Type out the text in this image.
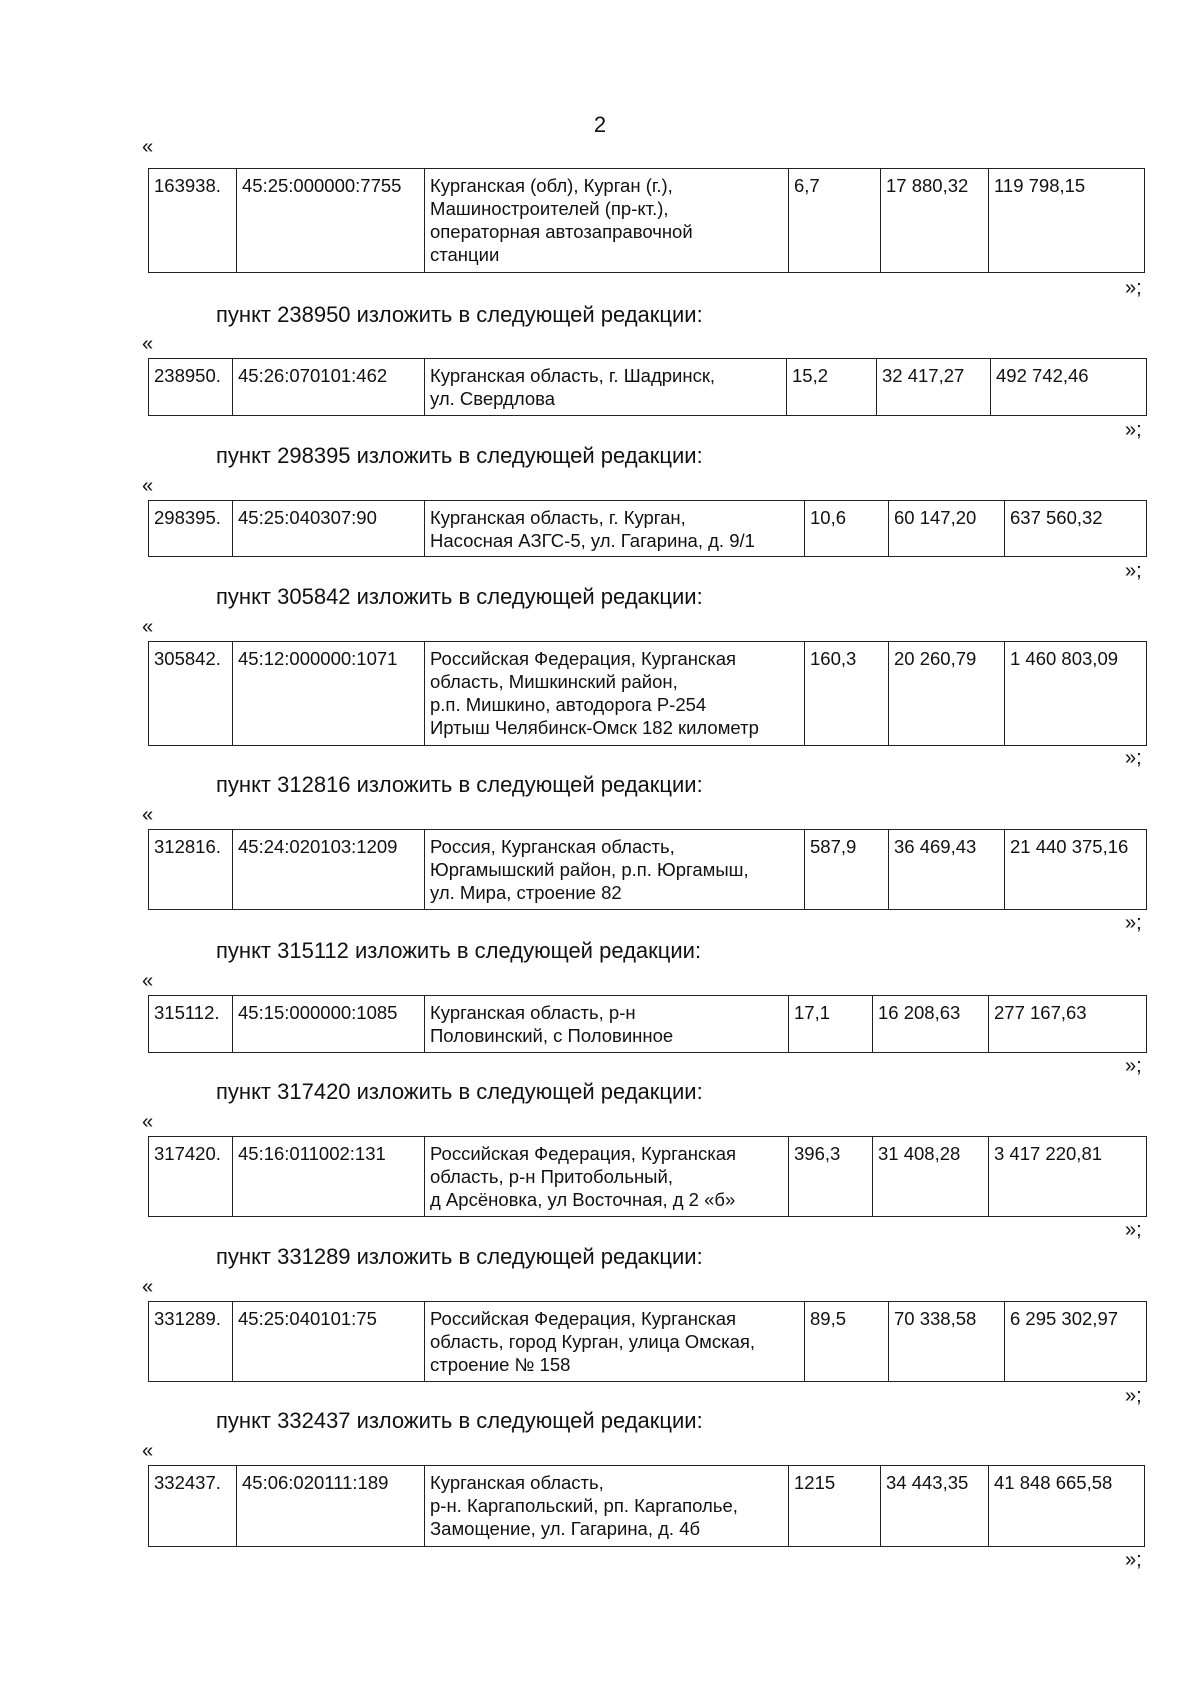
2
«
163938.	45:25:000000:7755	Курганская (обл), Курган (г.),
Машиностроителей (пр-кт.),
операторная автозаправочной
станции
	6,7	17 880,32	119 798,15
»;
пункт 238950 изложить в следующей редакции:
«
238950.	45:26:070101:462	Курганская область, г. Шадринск,
ул. Свердлова
	15,2	32 417,27	492 742,46
»;
пункт 298395 изложить в следующей редакции:
«
298395.	45:25:040307:90	Курганская область, г. Курган,
Насосная АЗГС-5, ул. Гагарина, д. 9/1
	10,6	60 147,20	637 560,32
»;
пункт 305842 изложить в следующей редакции:
«
305842.	45:12:000000:1071	Российская Федерация, Курганская
область, Мишкинский район,
р.п. Мишкино, автодорога Р-254
Иртыш Челябинск-Омск 182 километр
	160,3	20 260,79	1 460 803,09
»;
пункт 312816 изложить в следующей редакции:
«
312816.	45:24:020103:1209	Россия, Курганская область,
Юргамышский район, р.п. Юргамыш,
ул. Мира, строение 82
	587,9	36 469,43	21 440 375,16
»;
пункт 315112 изложить в следующей редакции:
«
315112.	45:15:000000:1085	Курганская область, р-н
Половинский, с Половинное
	17,1	16 208,63	277 167,63
»;
пункт 317420 изложить в следующей редакции:
«
317420.	45:16:011002:131	Российская Федерация, Курганская
область, р-н Притобольный,
д Арсёновка, ул Восточная, д 2 «б»
	396,3	31 408,28	3 417 220,81
»;
пункт 331289 изложить в следующей редакции:
«
331289.	45:25:040101:75	Российская Федерация, Курганская
область, город Курган, улица Омская,
строение № 158
	89,5	70 338,58	6 295 302,97
»;
пункт 332437 изложить в следующей редакции:
«
332437.	45:06:020111:189	Курганская область,
р-н. Каргапольский, рп. Каргаполье,
Замощение, ул. Гагарина, д. 4б
	1215	34 443,35	41 848 665,58
»;
